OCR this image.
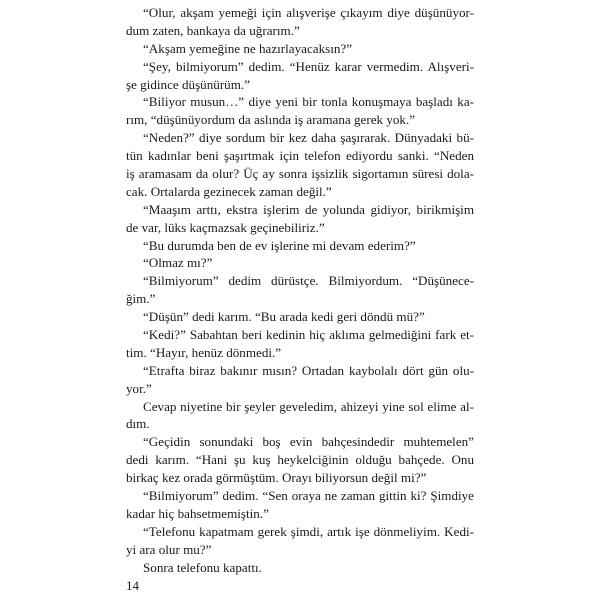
“Olur, akşam yemeği için alışverişe çıkayım diye düşünüyor-
dum zaten, bankaya da uğrarım.”
“Akşam yemeğine ne hazırlayacaksın?”
“Şey, bilmiyorum” dedim. “Henüz karar vermedim. Alışveri-
şe gidince düşünürüm.”
“Biliyor musun…” diye yeni bir tonla konuşmaya başladı ka-
rım, “düşünüyordum da aslında iş aramana gerek yok.”
“Neden?” diye sordum bir kez daha şaşırarak. Dünyadaki bü-
tün kadınlar beni şaşırtmak için telefon ediyordu sanki. “Neden
iş aramasam da olur? Üç ay sonra işsizlik sigortamın süresi dola-
cak. Ortalarda gezinecek zaman değil.”
“Maaşım arttı, ekstra işlerim de yolunda gidiyor, birikmişim
de var, lüks kaçmazsak geçinebiliriz.”
“Bu durumda ben de ev işlerine mi devam ederim?”
“Olmaz mı?”
“Bilmiyorum” dedim dürüstçe. Bilmiyordum. “Düşünece-
ğim.”
“Düşün” dedi karım. “Bu arada kedi geri döndü mü?”
“Kedi?” Sabahtan beri kedinin hiç aklıma gelmediğini fark et-
tim. “Hayır, henüz dönmedi.”
“Etrafta biraz bakınır mısın? Ortadan kaybolalı dört gün olu-
yor.”
Cevap niyetine bir şeyler geveledim, ahizeyi yine sol elime al-
dım.
“Geçidin sonundaki boş evin bahçesindedir muhtemelen”
dedi karım. “Hani şu kuş heykelciğinin olduğu bahçede. Onu
birkaç kez orada görmüştüm. Orayı biliyorsun değil mi?”
“Bilmiyorum” dedim. “Sen oraya ne zaman gittin ki? Şimdiye
kadar hiç bahsetmemiştin.”
“Telefonu kapatmam gerek şimdi, artık işe dönmeliyim. Kedi-
yi ara olur mu?”
Sonra telefonu kapattı.
14
